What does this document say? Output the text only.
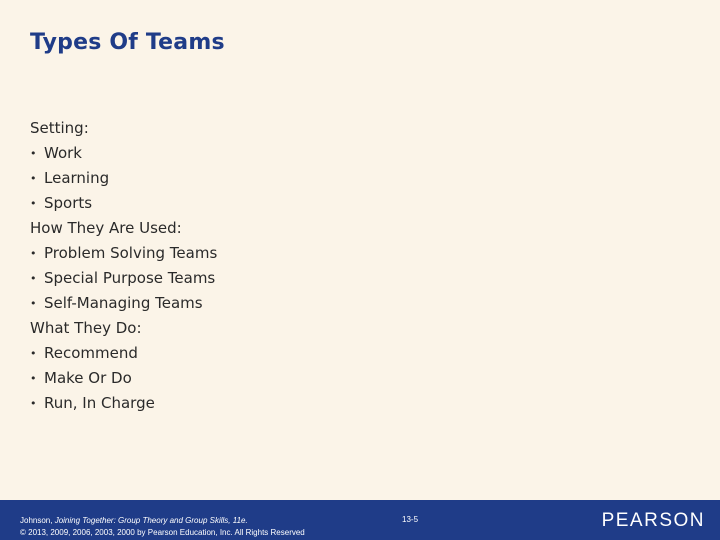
Types Of Teams
Setting:
• Work
• Learning
• Sports
How They Are Used:
• Problem Solving Teams
• Special Purpose Teams
• Self-Managing Teams
What They Do:
• Recommend
• Make Or Do
• Run, In Charge
Johnson, Joining Together: Group Theory and Group Skills, 11e.
© 2013, 2009, 2006, 2003, 2000 by Pearson Education, Inc. All Rights Reserved
13-5	PEARSON
